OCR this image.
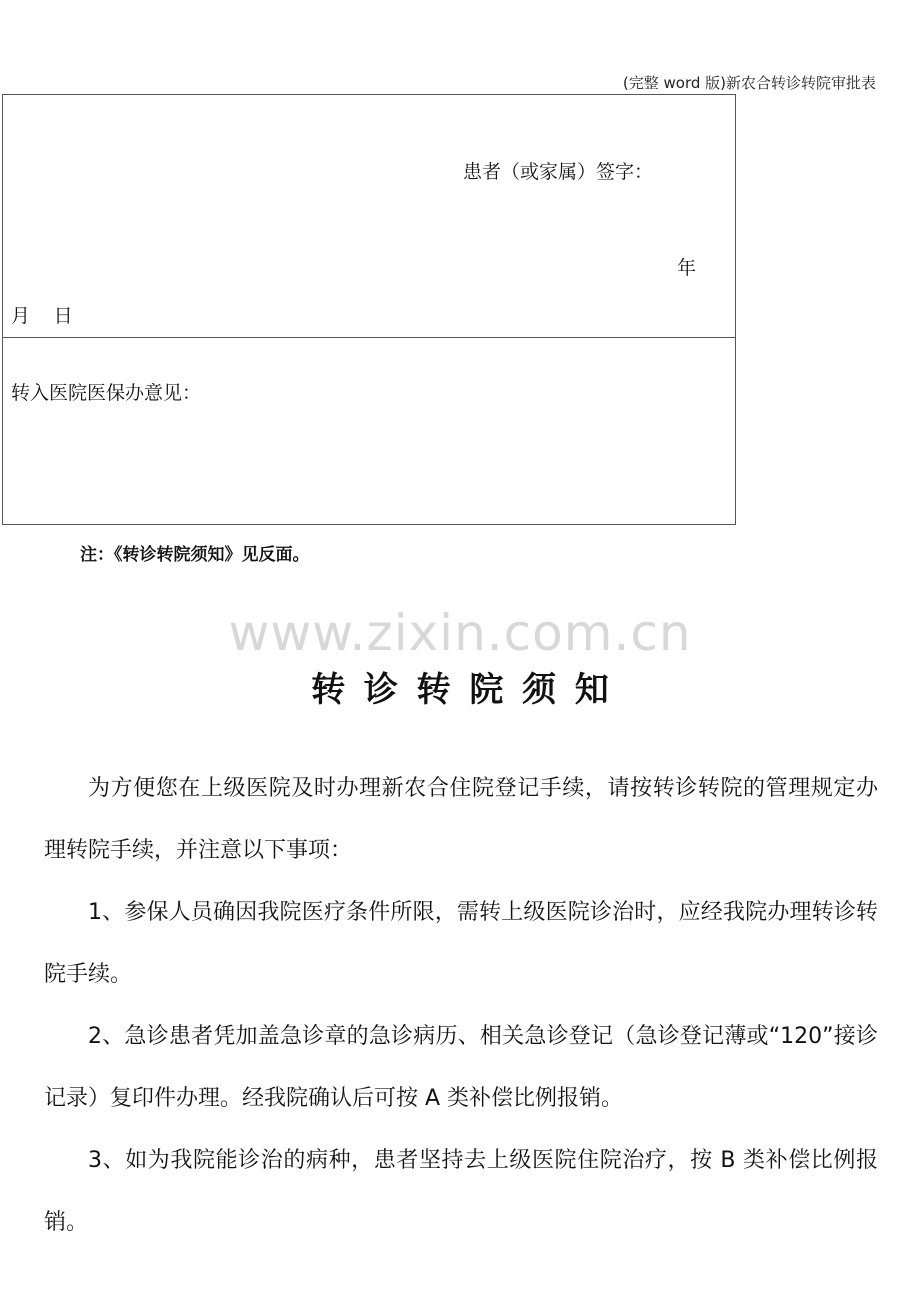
(完整 word 版)新农合转诊转院审批表
患者（或家属）签字：
年
月 日
转入医院医保办意见：
注：《转诊转院须知》见反面。
www.zixin.com.cn
转诊转院须知

为方便您在上级医院及时办理新农合住院登记手续，请按转诊转院的管理规定办理转院手续，并注意以下事项：

1、参保人员确因我院医疗条件所限，需转上级医院诊治时，应经我院办理转诊转院手续。

2、急诊患者凭加盖急诊章的急诊病历、相关急诊登记（急诊登记薄或“120”接诊记录）复印件办理。经我院确认后可按 A 类补偿比例报销。

3、如为我院能诊治的病种，患者坚持去上级医院住院治疗，按 B 类补偿比例报销。
